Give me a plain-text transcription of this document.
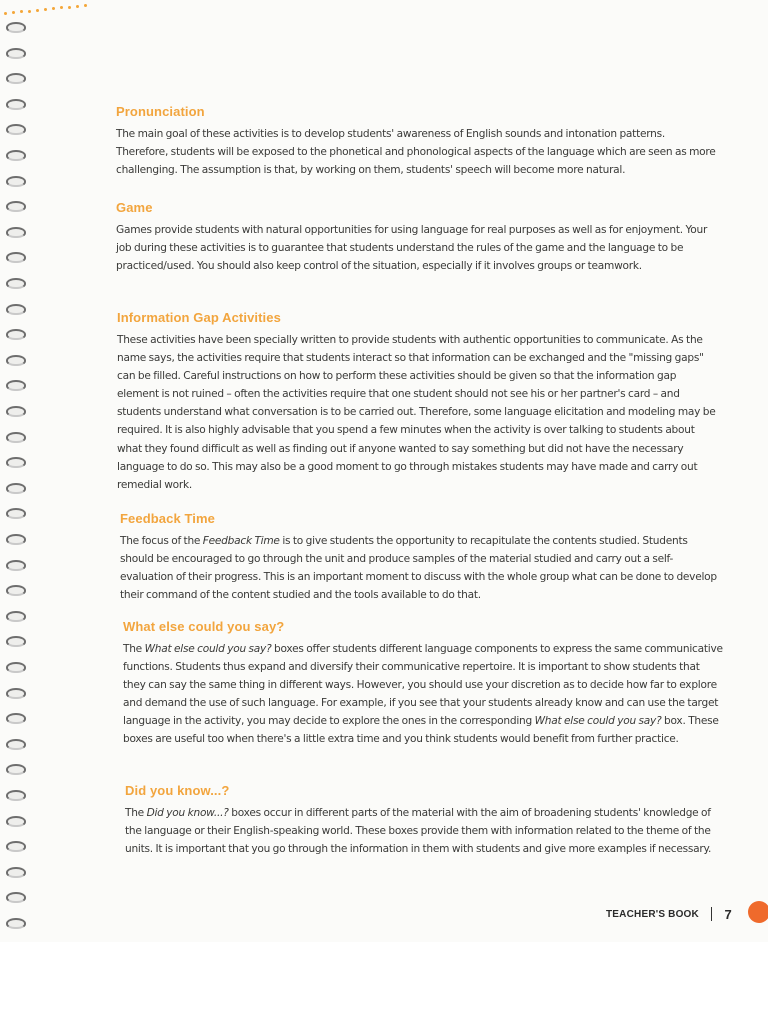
Pronunciation

The main goal of these activities is to develop students' awareness of English sounds and intonation patterns. Therefore, students will be exposed to the phonetical and phonological aspects of the language which are seen as more challenging. The assumption is that, by working on them, students' speech will become more natural.

Game

Games provide students with natural opportunities for using language for real purposes as well as for enjoyment. Your job during these activities is to guarantee that students understand the rules of the game and the language to be practiced/used. You should also keep control of the situation, especially if it involves groups or teamwork.

Information Gap Activities

These activities have been specially written to provide students with authentic opportunities to communicate. As the name says, the activities require that students interact so that information can be exchanged and the "missing gaps" can be filled. Careful instructions on how to perform these activities should be given so that the information gap element is not ruined – often the activities require that one student should not see his or her partner's card – and students understand what conversation is to be carried out. Therefore, some language elicitation and modeling may be required. It is also highly advisable that you spend a few minutes when the activity is over talking to students about what they found difficult as well as finding out if anyone wanted to say something but did not have the necessary language to do so. This may also be a good moment to go through mistakes students may have made and carry out remedial work.

Feedback Time

The focus of the Feedback Time is to give students the opportunity to recapitulate the contents studied. Students should be encouraged to go through the unit and produce samples of the material studied and carry out a self-evaluation of their progress. This is an important moment to discuss with the whole group what can be done to develop their command of the content studied and the tools available to do that.

What else could you say?

The What else could you say? boxes offer students different language components to express the same communicative functions. Students thus expand and diversify their communicative repertoire. It is important to show students that they can say the same thing in different ways. However, you should use your discretion as to decide how far to explore and demand the use of such language. For example, if you see that your students already know and can use the target language in the activity, you may decide to explore the ones in the corresponding What else could you say? box. These boxes are useful too when there's a little extra time and you think students would benefit from further practice.

Did you know...?

The Did you know...? boxes occur in different parts of the material with the aim of broadening students' knowledge of the language or their English-speaking world. These boxes provide them with information related to the theme of the units. It is important that you go through the information in them with students and give more examples if necessary.

TEACHER'S BOOK 7
